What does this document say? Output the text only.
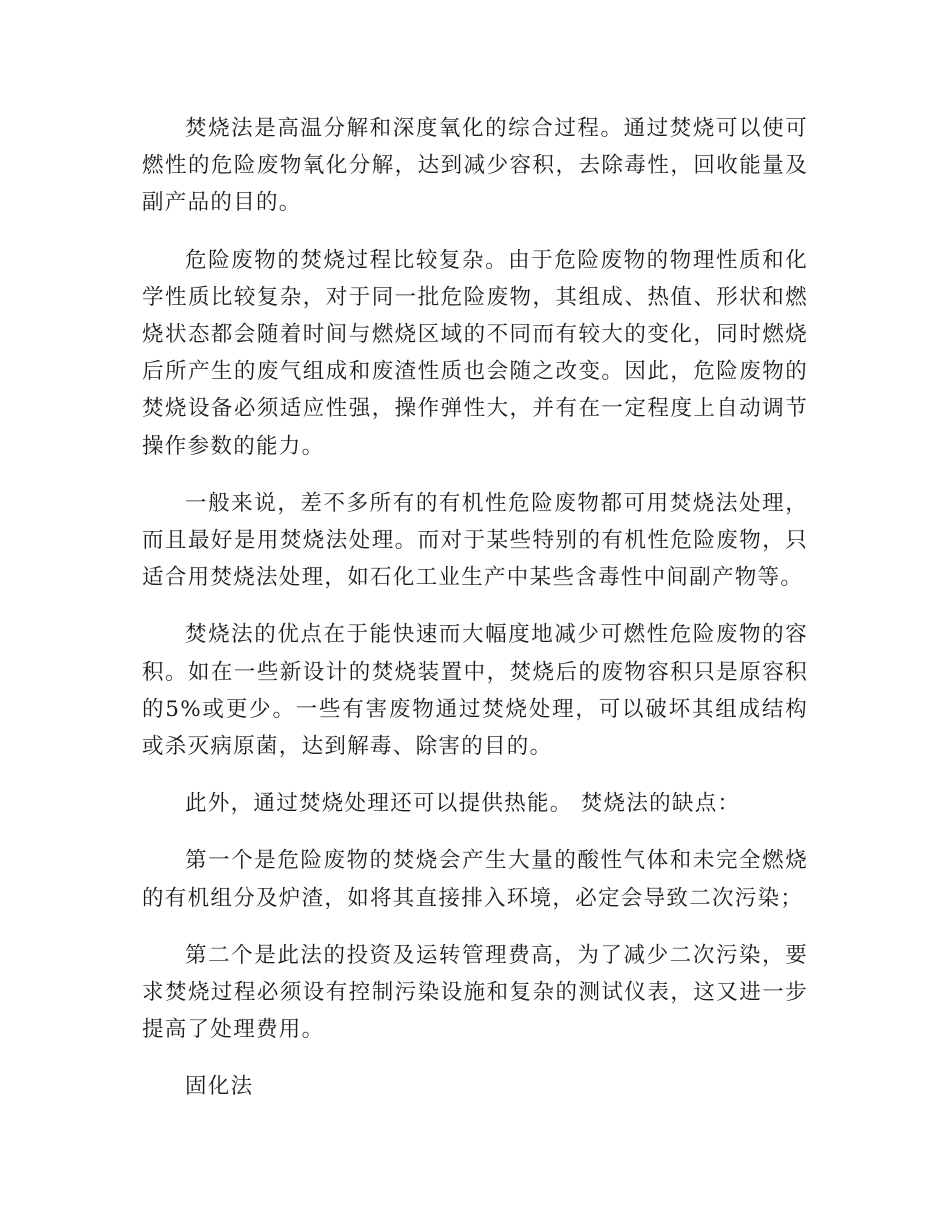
焚烧法是高温分解和深度氧化的综合过程。通过焚烧可以使可燃性的危险废物氧化分解，达到减少容积，去除毒性，回收能量及副产品的目的。

危险废物的焚烧过程比较复杂。由于危险废物的物理性质和化学性质比较复杂，对于同一批危险废物，其组成、热值、形状和燃烧状态都会随着时间与燃烧区域的不同而有较大的变化，同时燃烧后所产生的废气组成和废渣性质也会随之改变。因此，危险废物的焚烧设备必须适应性强，操作弹性大，并有在一定程度上自动调节操作参数的能力。

一般来说，差不多所有的有机性危险废物都可用焚烧法处理，而且最好是用焚烧法处理。而对于某些特别的有机性危险废物，只适合用焚烧法处理，如石化工业生产中某些含毒性中间副产物等。

焚烧法的优点在于能快速而大幅度地减少可燃性危险废物的容积。如在一些新设计的焚烧装置中，焚烧后的废物容积只是原容积的5%或更少。一些有害废物通过焚烧处理，可以破坏其组成结构或杀灭病原菌，达到解毒、除害的目的。

此外，通过焚烧处理还可以提供热能。 焚烧法的缺点：

第一个是危险废物的焚烧会产生大量的酸性气体和未完全燃烧的有机组分及炉渣，如将其直接排入环境，必定会导致二次污染；

第二个是此法的投资及运转管理费高，为了减少二次污染，要求焚烧过程必须设有控制污染设施和复杂的测试仪表，这又进一步提高了处理费用。

固化法
